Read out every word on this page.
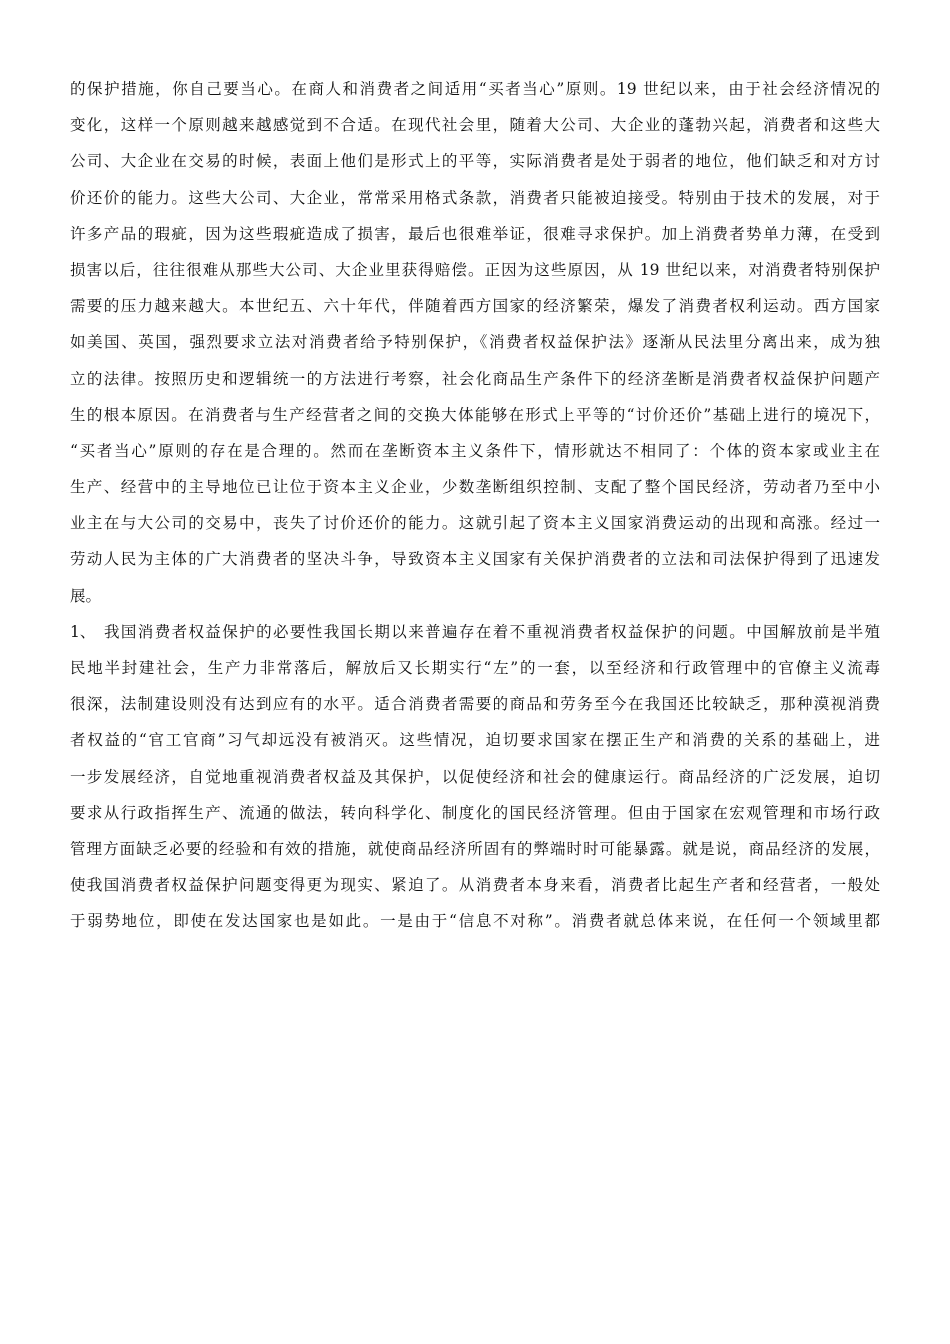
的保护措施，你自己要当心。在商人和消费者之间适用“买者当心”原则。19 世纪以来，由于社会经济情况的
变化，这样一个原则越来越感觉到不合适。在现代社会里，随着大公司、大企业的蓬勃兴起，消费者和这些大
公司、大企业在交易的时候，表面上他们是形式上的平等，实际消费者是处于弱者的地位，他们缺乏和对方讨
价还价的能力。这些大公司、大企业，常常采用格式条款，消费者只能被迫接受。特别由于技术的发展，对于
许多产品的瑕疵，因为这些瑕疵造成了损害，最后也很难举证，很难寻求保护。加上消费者势单力薄，在受到
损害以后，往往很难从那些大公司、大企业里获得赔偿。正因为这些原因，从 19 世纪以来，对消费者特别保护
需要的压力越来越大。本世纪五、六十年代，伴随着西方国家的经济繁荣，爆发了消费者权利运动。西方国家
如美国、英国，强烈要求立法对消费者给予特别保护，《消费者权益保护法》逐渐从民法里分离出来，成为独
立的法律。按照历史和逻辑统一的方法进行考察，社会化商品生产条件下的经济垄断是消费者权益保护问题产
生的根本原因。在消费者与生产经营者之间的交换大体能够在形式上平等的“讨价还价”基础上进行的境况下，
“买者当心”原则的存在是合理的。然而在垄断资本主义条件下，情形就达不相同了：个体的资本家或业主在
生产、经营中的主导地位已让位于资本主义企业，少数垄断组织控制、支配了整个国民经济，劳动者乃至中小
业主在与大公司的交易中，丧失了讨价还价的能力。这就引起了资本主义国家消费运动的出现和高涨。经过一
劳动人民为主体的广大消费者的坚决斗争，导致资本主义国家有关保护消费者的立法和司法保护得到了迅速发
展。
1、 我国消费者权益保护的必要性我国长期以来普遍存在着不重视消费者权益保护的问题。中国解放前是半殖
民地半封建社会，生产力非常落后，解放后又长期实行“左”的一套，以至经济和行政管理中的官僚主义流毒
很深，法制建设则没有达到应有的水平。适合消费者需要的商品和劳务至今在我国还比较缺乏，那种漠视消费
者权益的“官工官商”习气却远没有被消灭。这些情况，迫切要求国家在摆正生产和消费的关系的基础上，进
一步发展经济，自觉地重视消费者权益及其保护，以促使经济和社会的健康运行。商品经济的广泛发展，迫切
要求从行政指挥生产、流通的做法，转向科学化、制度化的国民经济管理。但由于国家在宏观管理和市场行政
管理方面缺乏必要的经验和有效的措施，就使商品经济所固有的弊端时时可能暴露。就是说，商品经济的发展，
使我国消费者权益保护问题变得更为现实、紧迫了。从消费者本身来看，消费者比起生产者和经营者，一般处
于弱势地位，即使在发达国家也是如此。一是由于“信息不对称”。消费者就总体来说，在任何一个领域里都
